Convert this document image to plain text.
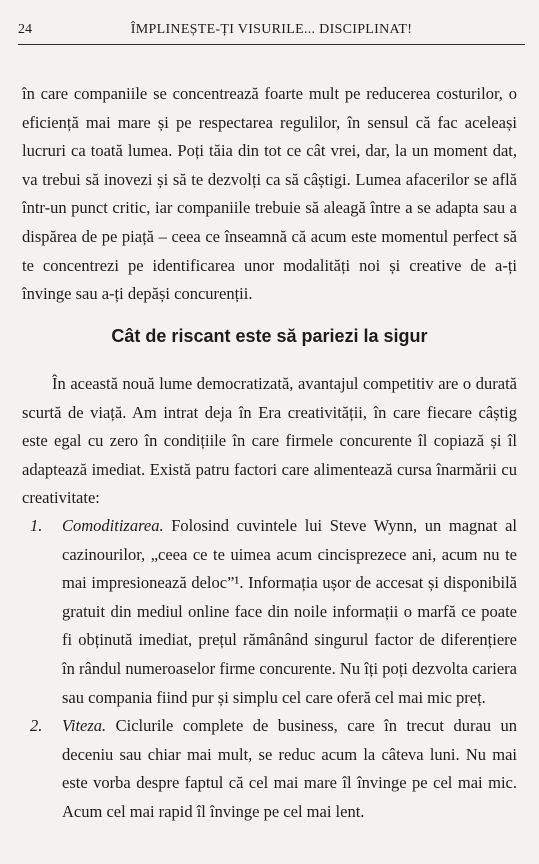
24	ÎMPLINEȘTE-ȚI VISURILE... DISCIPLINAT!

în care companiile se concentrează foarte mult pe reducerea costurilor, o eficiență mai mare și pe respectarea regulilor, în sensul că fac aceleași lucruri ca toată lumea. Poți tăia din tot ce cât vrei, dar, la un moment dat, va trebui să inovezi și să te dezvolți ca să câștigi. Lumea afacerilor se află într-un punct critic, iar companiile trebuie să aleagă între a se adapta sau a dispărea de pe piață – ceea ce înseamnă că acum este momentul perfect să te concentrezi pe identificarea unor modalități noi și creative de a-ți învinge sau a-ți depăși concurenții.

Cât de riscant este să pariezi la sigur

În această nouă lume democratizată, avantajul competitiv are o durată scurtă de viață. Am intrat deja în Era creativității, în care fiecare câștig este egal cu zero în condițiile în care firmele concurente îl copiază și îl adaptează imediat. Există patru factori care alimentează cursa înarmării cu creativitate:

1. Comoditizarea. Folosind cuvintele lui Steve Wynn, un magnat al cazinourilor, „ceea ce te uimea acum cincisprezece ani, acum nu te mai impresionează deloc”¹. Informația ușor de accesat și disponibilă gratuit din mediul online face din noile informații o marfă ce poate fi obținută imediat, prețul rămânând singurul factor de diferențiere în rândul numeroaselor firme concurente. Nu îți poți dezvolta cariera sau compania fiind pur și simplu cel care oferă cel mai mic preț.
2. Viteza. Ciclurile complete de business, care în trecut durau un deceniu sau chiar mai mult, se reduc acum la câteva luni. Nu mai este vorba despre faptul că cel mai mare îl învinge pe cel mai mic. Acum cel mai rapid îl învinge pe cel mai lent.
